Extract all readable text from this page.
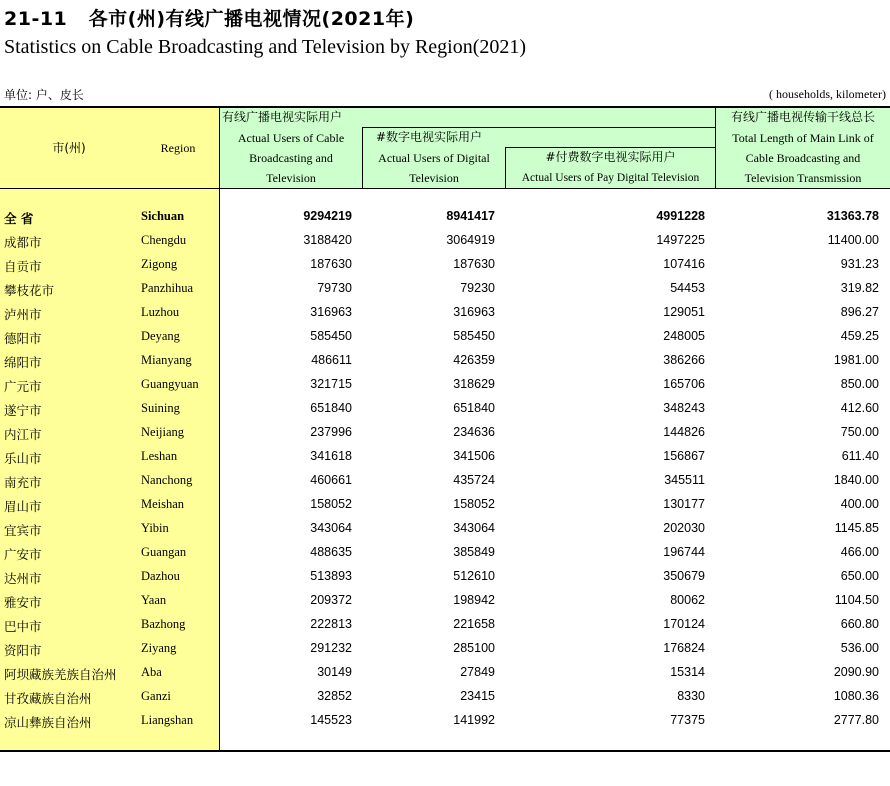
21-11 各市(州)有线广播电视情况(2021年)
Statistics on Cable Broadcasting and Television by Region(2021)
单位: 户、皮长	( households, kilometer)
市(州)	Region
有线广播电视实际用户
Actual Users of Cable
Broadcasting and
Television
#数字电视实际用户
Actual Users of Digital
Television
#付费数字电视实际用户
Actual Users of Pay Digital Television
有线广播电视传输干线总长
Total Length of Main Link of
Cable Broadcasting and
Television Transmission
全 省	Sichuan	9294219	8941417	4991228	31363.78
成都市	Chengdu	3188420	3064919	1497225	11400.00
自贡市	Zigong	187630	187630	107416	931.23
攀枝花市	Panzhihua	79730	79230	54453	319.82
泸州市	Luzhou	316963	316963	129051	896.27
德阳市	Deyang	585450	585450	248005	459.25
绵阳市	Mianyang	486611	426359	386266	1981.00
广元市	Guangyuan	321715	318629	165706	850.00
遂宁市	Suining	651840	651840	348243	412.60
内江市	Neijiang	237996	234636	144826	750.00
乐山市	Leshan	341618	341506	156867	611.40
南充市	Nanchong	460661	435724	345511	1840.00
眉山市	Meishan	158052	158052	130177	400.00
宜宾市	Yibin	343064	343064	202030	1145.85
广安市	Guangan	488635	385849	196744	466.00
达州市	Dazhou	513893	512610	350679	650.00
雅安市	Yaan	209372	198942	80062	1104.50
巴中市	Bazhong	222813	221658	170124	660.80
资阳市	Ziyang	291232	285100	176824	536.00
阿坝藏族羌族自治州 Aba	30149	27849	15314	2090.90
甘孜藏族自治州	Ganzi	32852	23415	8330	1080.36
凉山彝族自治州	Liangshan	145523	141992	77375	2777.80
